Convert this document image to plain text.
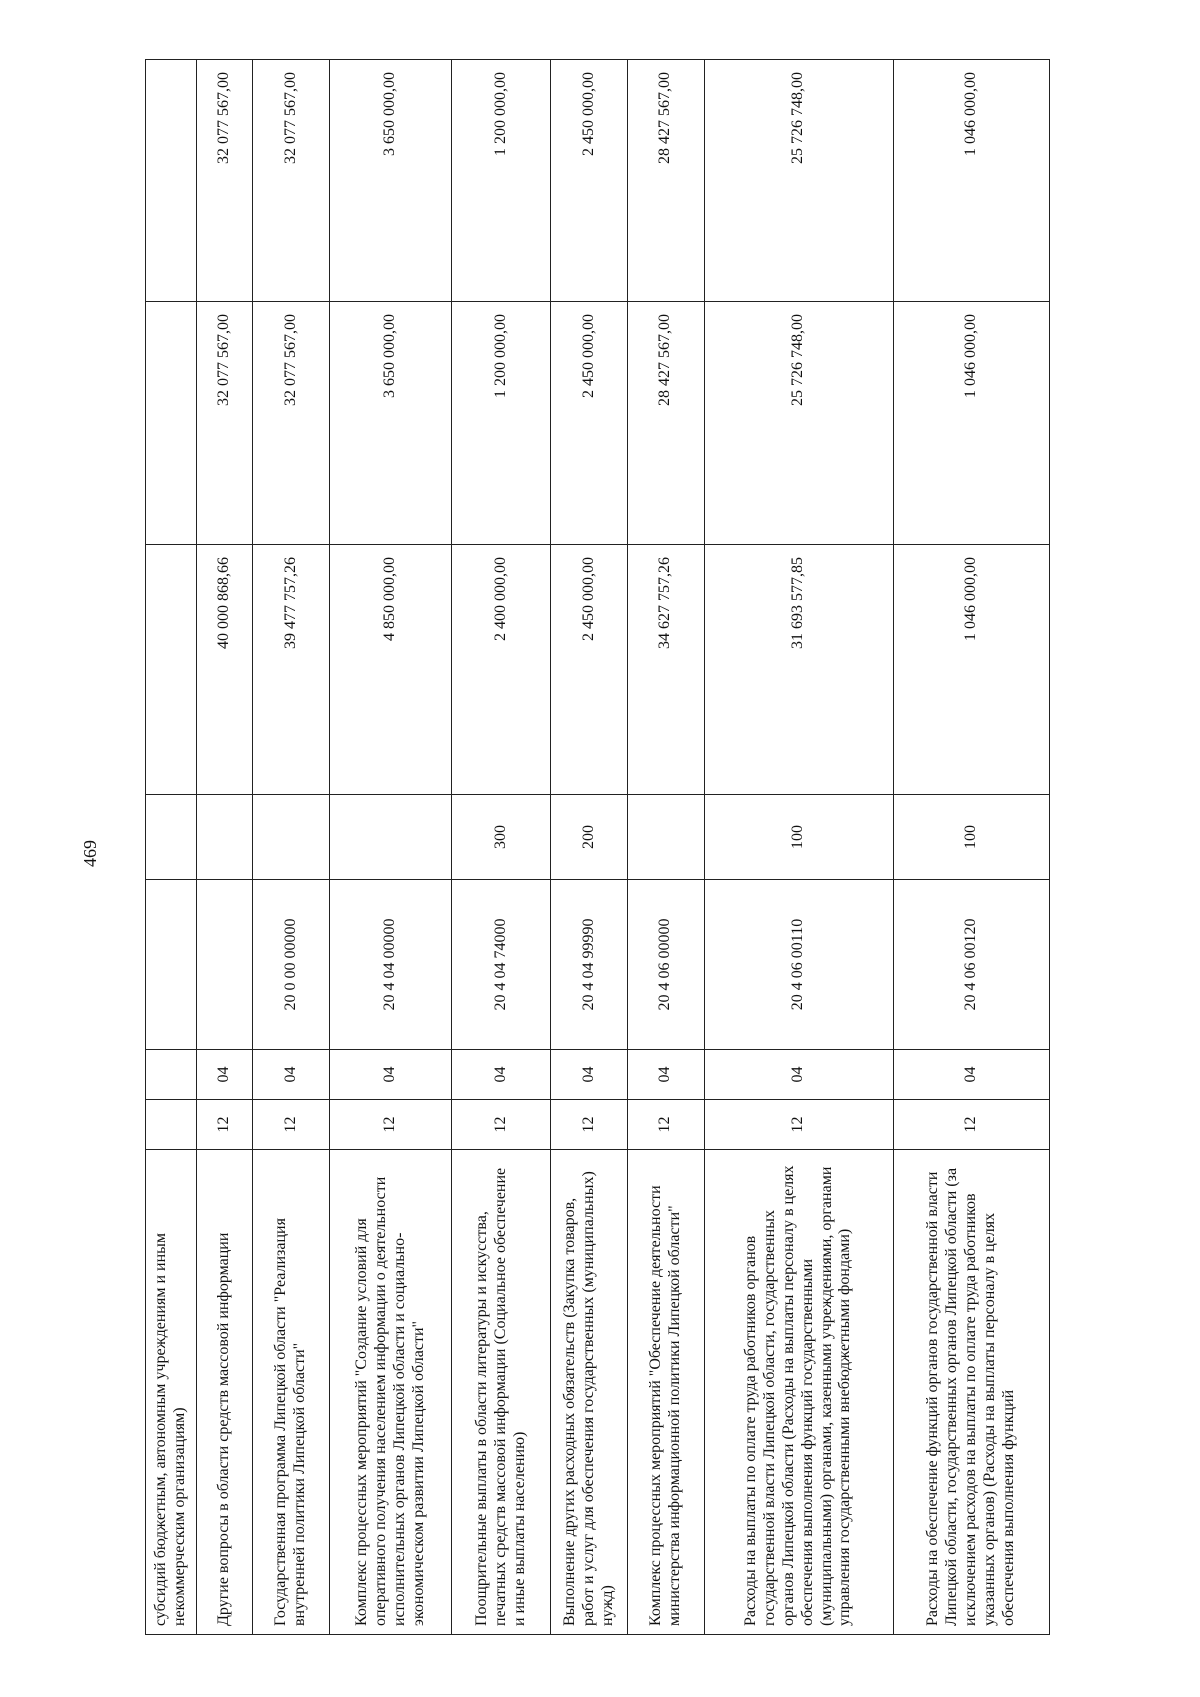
469
субсидий бюджетным, автономным учреждениям и иным некоммерческим организациям)							
Другие вопросы в области средств массовой информации	12	04			40 000 868,66	32 077 567,00	32 077 567,00
Государственная программа Липецкой области "Реализация внутренней политики Липецкой области"	12	04	20 0 00 00000		39 477 757,26	32 077 567,00	32 077 567,00
Комплекс процессных мероприятий "Создание условий для оперативного получения населением информации о деятельности исполнительных органов Липецкой области и социально-экономическом развитии Липецкой области"	12	04	20 4 04 00000		4 850 000,00	3 650 000,00	3 650 000,00
Поощрительные выплаты в области литературы и искусства, печатных средств массовой информации (Социальное обеспечение и иные выплаты населению)	12	04	20 4 04 74000	300	2 400 000,00	1 200 000,00	1 200 000,00
Выполнение других расходных обязательств (Закупка товаров, работ и услуг для обеспечения государственных (муниципальных) нужд)	12	04	20 4 04 99990	200	2 450 000,00	2 450 000,00	2 450 000,00
Комплекс процессных мероприятий "Обеспечение деятельности министерства информационной политики Липецкой области"	12	04	20 4 06 00000		34 627 757,26	28 427 567,00	28 427 567,00
Расходы на выплаты по оплате труда работников органов государственной власти Липецкой области, государственных органов Липецкой области (Расходы на выплаты персоналу в целях обеспечения выполнения функций государственными (муниципальными) органами, казенными учреждениями, органами управления государственными внебюджетными фондами)	12	04	20 4 06 00110	100	31 693 577,85	25 726 748,00	25 726 748,00
Расходы на обеспечение функций органов государственной власти Липецкой области, государственных органов Липецкой области (за исключением расходов на выплаты по оплате труда работников указанных органов) (Расходы на выплаты персоналу в целях обеспечения выполнения функций	12	04	20 4 06 00120	100	1 046 000,00	1 046 000,00	1 046 000,00
